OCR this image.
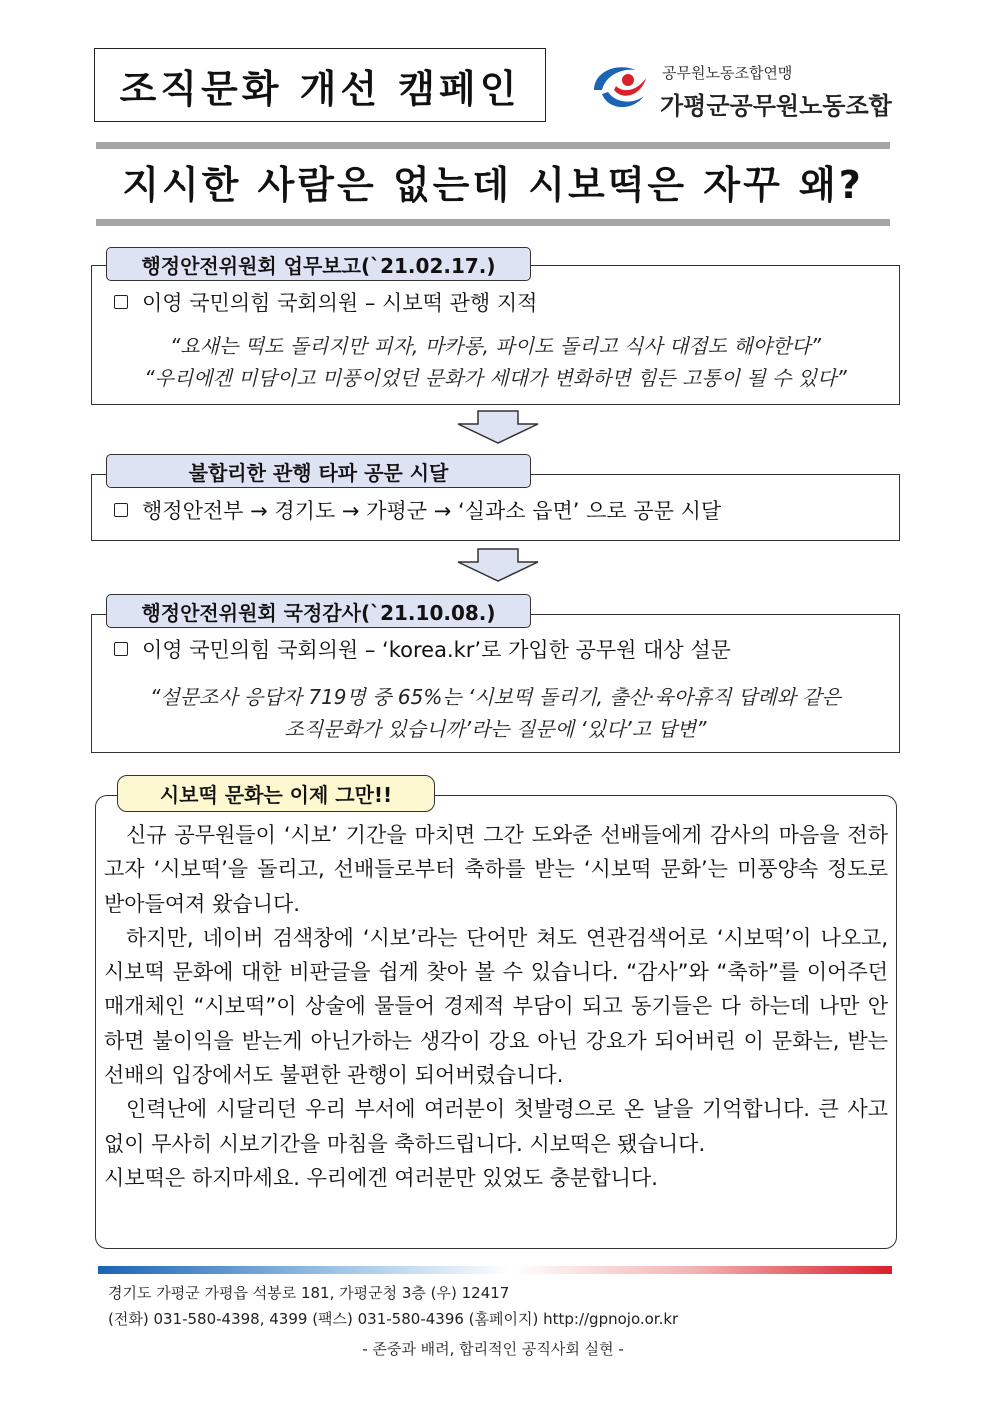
조직문화 개선 캠페인	공무원노동조합연맹
가평군공무원노동조합
지시한 사람은 없는데 시보떡은 자꾸 왜?
행정안전위원회 업무보고(`21.02.17.)
이영 국민의힘 국회의원 – 시보떡 관행 지적
“요새는 떡도 돌리지만 피자, 마카롱, 파이도 돌리고 식사 대접도 해야한다”
“우리에겐 미담이고 미풍이었던 문화가 세대가 변화하면 힘든 고통이 될 수 있다”
불합리한 관행 타파 공문 시달
행정안전부 → 경기도 → 가평군 → ‘실과소 읍면’ 으로 공문 시달
행정안전위원회 국정감사(`21.10.08.)
이영 국민의힘 국회의원 – ‘korea.kr’로 가입한 공무원 대상 설문
“설문조사 응답자 719명 중 65%는 ‘시보떡 돌리기, 출산·육아휴직 답례와 같은
조직문화가 있습니까’라는 질문에 ‘있다’고 답변”
시보떡 문화는 이제 그만!!

신규 공무원들이 ‘시보’ 기간을 마치면 그간 도와준 선배들에게 감사의 마음을 전하고자 ‘시보떡’을 돌리고, 선배들로부터 축하를 받는 ‘시보떡 문화’는 미풍양속 정도로 받아들여져 왔습니다.

하지만, 네이버 검색창에 ‘시보’라는 단어만 쳐도 연관검색어로 ‘시보떡’이 나오고, 시보떡 문화에 대한 비판글을 쉽게 찾아 볼 수 있습니다. “감사”와 “축하”를 이어주던 매개체인 “시보떡”이 상술에 물들어 경제적 부담이 되고 동기들은 다 하는데 나만 안하면 불이익을 받는게 아닌가하는 생각이 강요 아닌 강요가 되어버린 이 문화는, 받는 선배의 입장에서도 불편한 관행이 되어버렸습니다.

인력난에 시달리던 우리 부서에 여러분이 첫발령으로 온 날을 기억합니다. 큰 사고 없이 무사히 시보기간을 마침을 축하드립니다. 시보떡은 됐습니다.

시보떡은 하지마세요. 우리에겐 여러분만 있었도 충분합니다.

경기도 가평군 가평읍 석봉로 181, 가평군청 3층 (우) 12417
(전화) 031-580-4398, 4399 (팩스) 031-580-4396 (홈페이지) http://gpnojo.or.kr
- 존중과 배려, 합리적인 공직사회 실현 -
